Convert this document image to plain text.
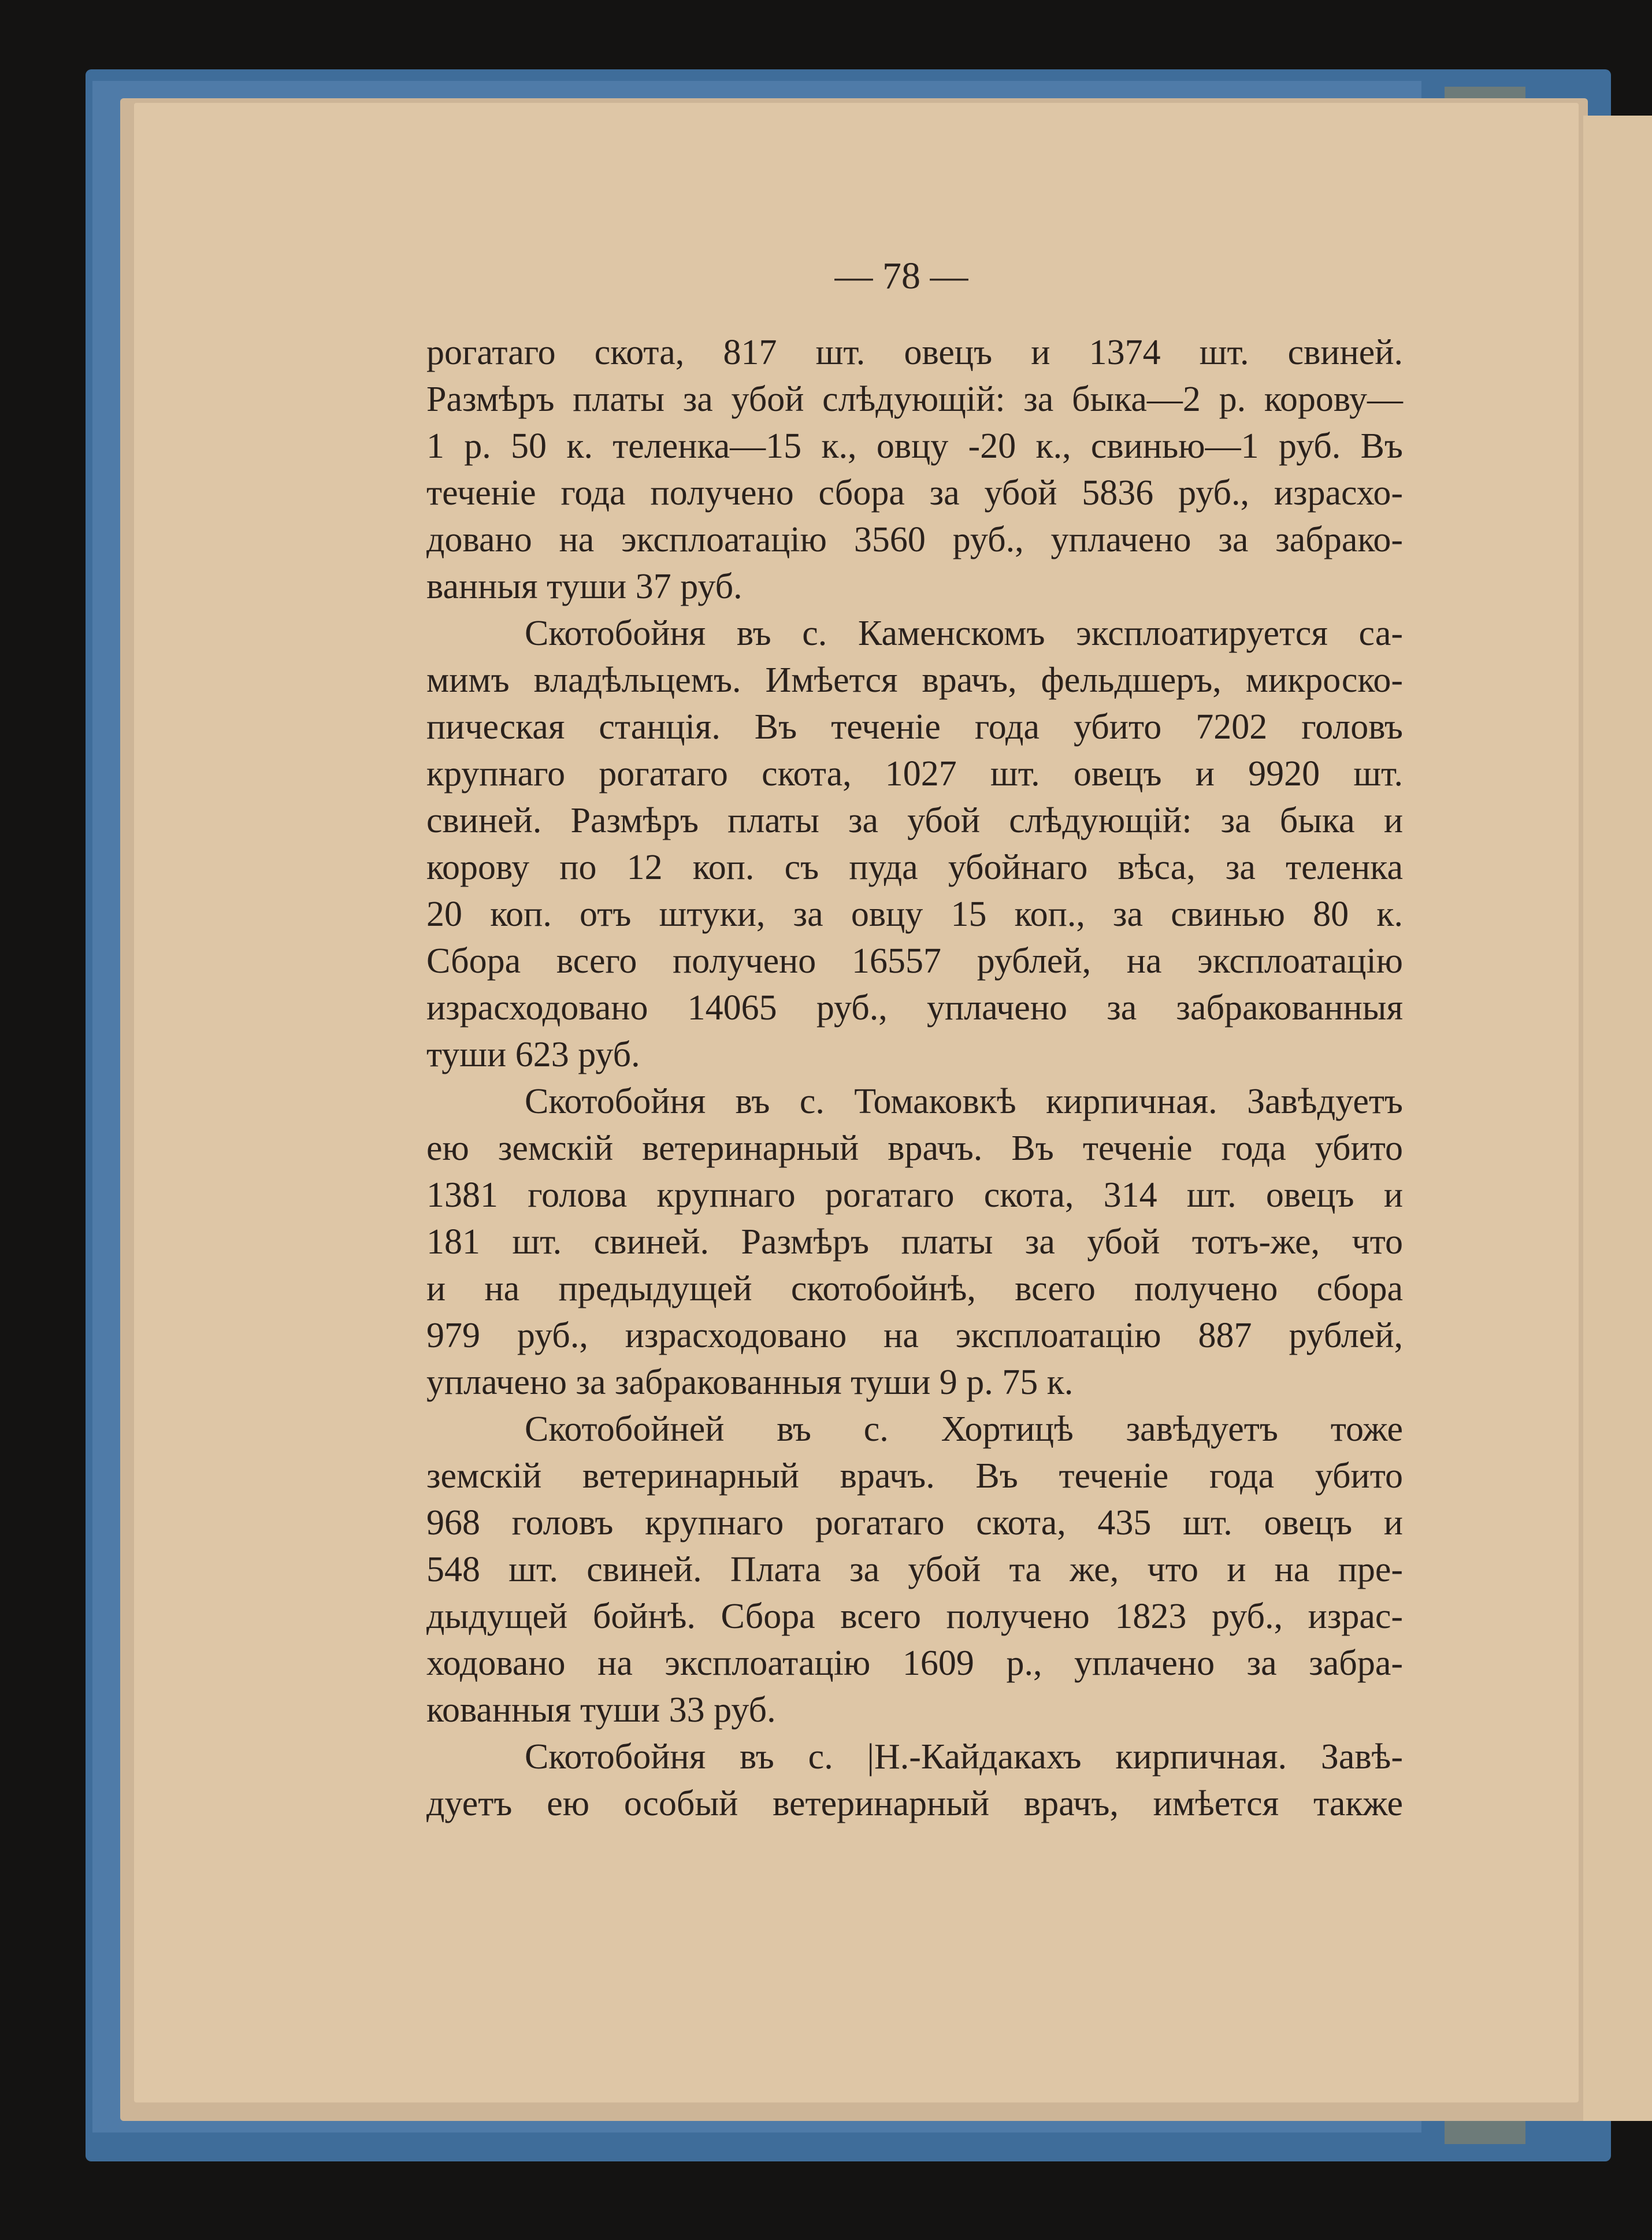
— 78 —

рогатаго скота, 817 шт. овецъ и 1374 шт. свиней.

Размѣръ платы за убой слѣдующій: за быка—2 р. корову—

1 р. 50 к. теленка—15 к., овцу -20 к., свинью—1 руб. Въ

теченіе года получено сбора за убой 5836 руб., израсхо-

довано на эксплоатацію 3560 руб., уплачено за забрако-

ванныя туши 37 руб.

Скотобойня въ с. Каменскомъ эксплоатируется са-

мимъ владѣльцемъ. Имѣется врачъ, фельдшеръ, микроско-

пическая станція. Въ теченіе года убито 7202 головъ

крупнаго рогатаго скота, 1027 шт. овецъ и 9920 шт.

свиней. Размѣръ платы за убой слѣдующій: за быка и

корову по 12 коп. съ пуда убойнаго вѣса, за теленка

20 коп. отъ штуки, за овцу 15 коп., за свинью 80 к.

Сбора всего получено 16557 рублей, на эксплоатацію

израсходовано 14065 руб., уплачено за забракованныя

туши 623 руб.

Скотобойня въ с. Томаковкѣ кирпичная. Завѣдуетъ

ею земскій ветеринарный врачъ. Въ теченіе года убито

1381 голова крупнаго рогатаго скота, 314 шт. овецъ и

181 шт. свиней. Размѣръ платы за убой тотъ-же, что

и на предыдущей скотобойнѣ, всего получено сбора

979 руб., израсходовано на эксплоатацію 887 рублей,

уплачено за забракованныя туши 9 р. 75 к.

Скотобойней въ с. Хортицѣ завѣдуетъ тоже

земскій ветеринарный врачъ. Въ теченіе года убито

968 головъ крупнаго рогатаго скота, 435 шт. овецъ и

548 шт. свиней. Плата за убой та же, что и на пре-

дыдущей бойнѣ. Сбора всего получено 1823 руб., израс-

ходовано на эксплоатацію 1609 р., уплачено за забра-

кованныя туши 33 руб.

Скотобойня въ с. |Н.-Кайдакахъ кирпичная. Завѣ-

дуетъ ею особый ветеринарный врачъ, имѣется также
